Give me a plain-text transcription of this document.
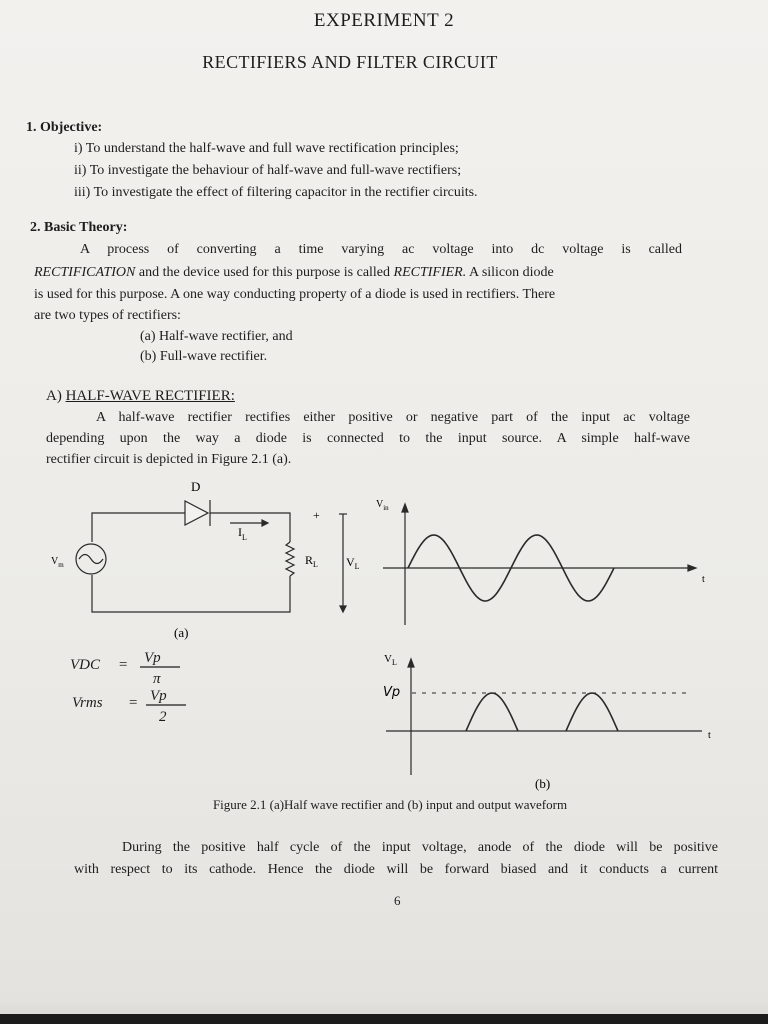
EXPERIMENT 2
RECTIFIERS AND FILTER CIRCUIT
1. Objective:
i) To understand the half-wave and full wave rectification principles;
ii) To investigate the behaviour of half-wave and full-wave rectifiers;
iii) To investigate the effect of filtering capacitor in the rectifier circuits.
2. Basic Theory:
A process of converting a time varying ac voltage into dc voltage is called
RECTIFICATION and the device used for this purpose is called RECTIFIER. A silicon diode
is used for this purpose. A one way conducting property of a diode is used in rectifiers. There
are two types of rectifiers:
(a) Half-wave rectifier, and
(b) Full-wave rectifier.
A) HALF-WAVE RECTIFIER:
A half-wave rectifier rectifies either positive or negative part of the input ac voltage
depending upon the way a diode is connected to the input source. A simple half-wave
rectifier circuit is depicted in Figure 2.1 (a).
D
$I_L$
$V_m$	$R_L$
+
$V_L$
(a)
$V_{in}$
t
$V_L$
Vp
t
(b)
VDC = Vp
π
Vrms = Vp
2
Figure 2.1 (a)Half wave rectifier and (b) input and output waveform
During the positive half cycle of the input voltage, anode of the diode will be positive
with respect to its cathode. Hence the diode will be forward biased and it conducts a current
6
